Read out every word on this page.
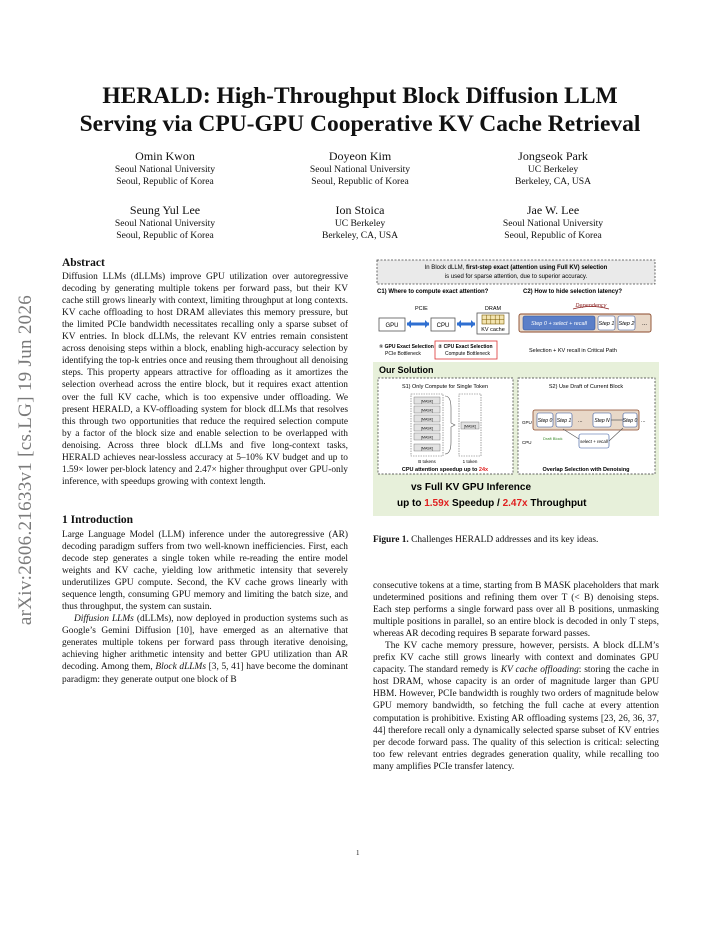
arXiv:2606.21633v1 [cs.LG] 19 Jun 2026
HERALD: High-Throughput Block Diffusion LLM
Serving via CPU-GPU Cooperative KV Cache Retrieval
Omin Kwon
Seoul National University
Seoul, Republic of Korea
Doyeon Kim
Seoul National University
Seoul, Republic of Korea
Jongseok Park
UC Berkeley
Berkeley, CA, USA
Seung Yul Lee
Seoul National University
Seoul, Republic of Korea
Ion Stoica
UC Berkeley
Berkeley, CA, USA
Jae W. Lee
Seoul National University
Seoul, Republic of Korea
Abstract

Diffusion LLMs (dLLMs) improve GPU utilization over autoregressive decoding by generating multiple tokens per forward pass, but their KV cache still grows linearly with context, limiting throughput at long contexts. KV cache offloading to host DRAM alleviates this memory pressure, but the limited PCIe bandwidth necessitates recalling only a sparse subset of KV entries. In block dLLMs, the relevant KV entries remain consistent across denoising steps within a block, enabling high-accuracy selection by identifying the top-k entries once and reusing them throughout all denoising steps. This property appears attractive for offloading as it amortizes the selection overhead across the entire block, but it requires exact attention over the full KV cache, which is too expensive under offloading. We present HERALD, a KV-offloading system for block dLLMs that resolves this through two opportunities that reduce the required selection compute by a factor of the block size and enable selection to be overlapped with denoising. Across three block dLLMs and five long-context tasks, HERALD achieves near-lossless accuracy at 5–10% KV budget and up to 1.59× lower per-block latency and 2.47× higher throughput over GPU-only inference, with speedups growing with context length.

1 Introduction

Large Language Model (LLM) inference under the autoregressive (AR) decoding paradigm suffers from two well-known inefficiencies. First, each decode step generates a single token while re-reading the entire model weights and KV cache, yielding low arithmetic intensity that severely underutilizes GPU compute. Second, the KV cache grows linearly with sequence length, consuming GPU memory and limiting the batch size, and thus throughput, the system can sustain.

Diffusion LLMs (dLLMs), now deployed in production systems such as Google’s Gemini Diffusion [10], have emerged as an alternative that generates multiple tokens per forward pass through iterative denoising, achieving higher arithmetic intensity and better GPU utilization than AR decoding. Among them, Block dLLMs [3, 5, 41] have become the dominant paradigm: they generate output one block of B

In Block dLLM, first-step exact (attention using Full KV) selection
is used for sparse attention, due to superior accuracy.
C1) Where to compute exact attention?	C2) How to hide selection latency?
GPU
PCIE
CPU
DRAM
KV cache
① GPU Exact Selection
PCIe Bottleneck
② CPU Exact Selection
Compute Bottleneck
Dependency
Step 0 + select + recall Step 1 Step 2 ...
Selection + KV recall in Critical Path
Our Solution
S1) Only Compute for Single Token	S2) Use Draft of Current Block
[MASK]
[MASK]
[MASK]
[MASK]
[MASK]
[MASK]
[MASK]
B tokens	1 token
CPU attention speedup up to 24x
GPU Step 0 Step 1 ... Step N	Step 0 ...
CPU
Draft Block
select + recall
Overlap Selection with Denoising
vs Full KV GPU Inference
up to 1.59x Speedup / 2.47x Throughput
Figure 1. Challenges HERALD addresses and its key ideas.

consecutive tokens at a time, starting from B MASK placeholders that mark undetermined positions and refining them over T (< B) denoising steps. Each step performs a single forward pass over all B positions, unmasking multiple positions in parallel, so an entire block is decoded in only T steps, whereas AR decoding requires B separate forward passes.

The KV cache memory pressure, however, persists. A block dLLM’s prefix KV cache still grows linearly with context and dominates GPU capacity. The standard remedy is KV cache offloading: storing the cache in host DRAM, whose capacity is an order of magnitude larger than GPU HBM. However, PCIe bandwidth is roughly two orders of magnitude below GPU memory bandwidth, so fetching the full cache at every attention computation is prohibitive. Existing AR offloading systems [23, 26, 36, 37, 44] therefore recall only a dynamically selected sparse subset of KV entries per decode forward pass. The quality of this selection is critical: selecting too few relevant entries degrades generation quality, while recalling too many amplifies PCIe transfer latency.

1
